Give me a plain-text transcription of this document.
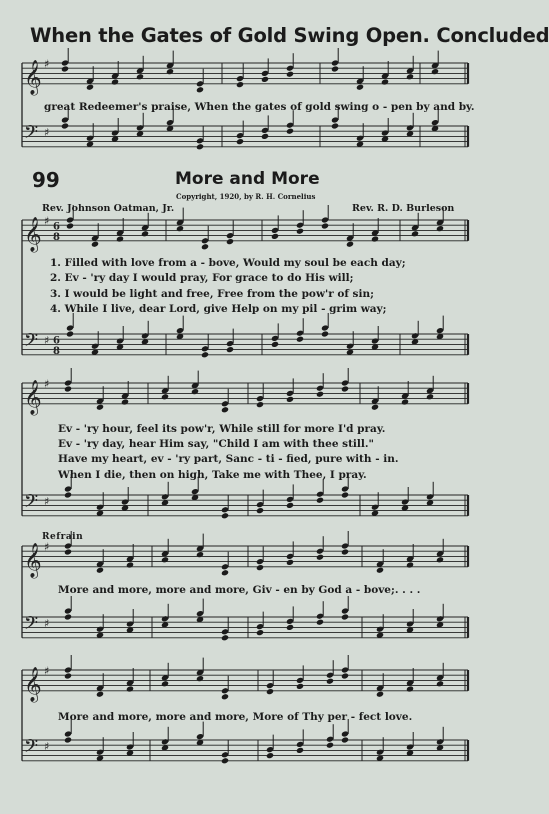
𝄞 ♯
𝄢 ♯
𝄞 ♯ 6
8
𝄢 ♯ 6
8
𝄞 ♯
𝄢 ♯
𝄞 ♯
𝄢 ♯
𝄞 ♯
𝄢 ♯
When the Gates of Gold Swing Open. Concluded
great Redeemer's praise, When the gates of gold swing o - pen by and by.
99	More and More
Copyright, 1920, by R. H. Cornelius
Rev. Johnson Oatman, Jr.	Rev. R. D. Burleson
1. Filled with love from a - bove, Would my soul be each day;
2. Ev - 'ry day I would pray, For grace to do His will;
3. I would be light and free, Free from the pow'r of sin;
4. While I live, dear Lord, give Help on my pil - grim way;
Ev - 'ry hour, feel its pow'r, While still for more I'd pray.
Ev - 'ry day, hear Him say, "Child I am with thee still."
Have my heart, ev - 'ry part, Sanc - ti - fied, pure with - in.
When I die, then on high, Take me with Thee, I pray.
Refrain
More and more, more and more, Giv - en by God a - bove;. . . .
More and more, more and more, More of Thy per - fect love.
